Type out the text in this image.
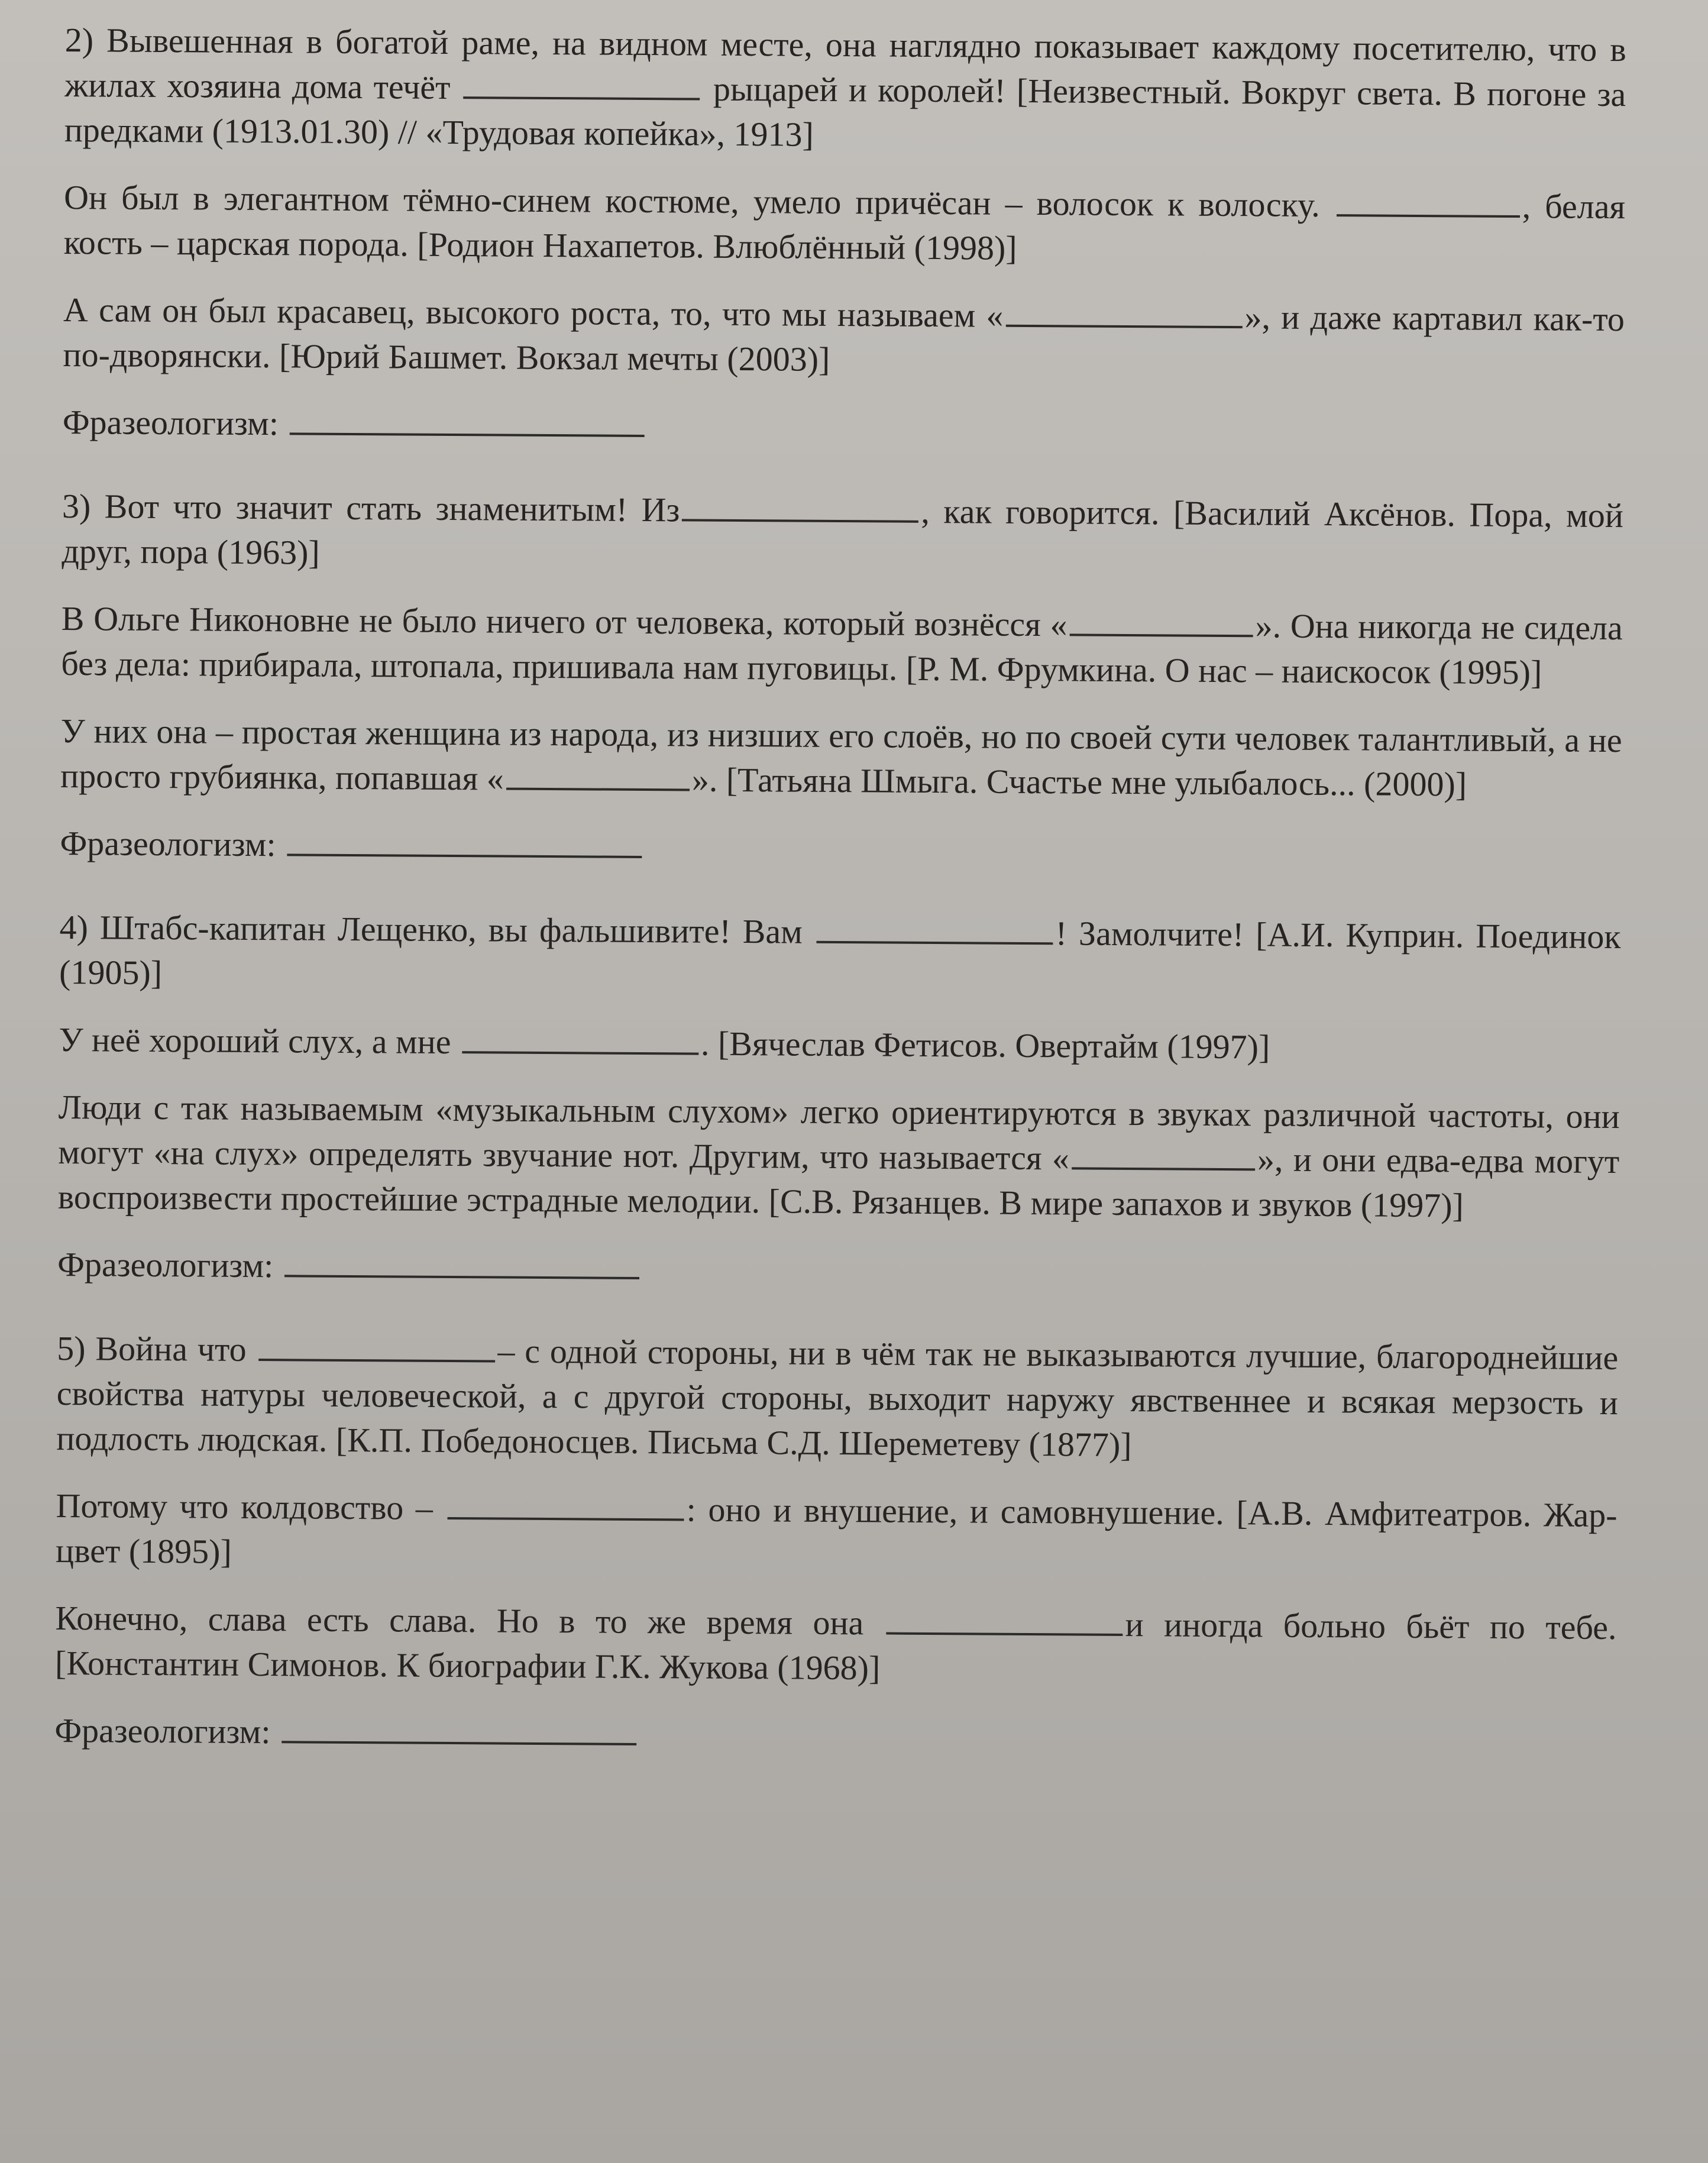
2) Вывешенная в богатой раме, на видном месте, она наглядно показывает каждому посетителю, что в жилах хозяина дома течёт	рыцарей и королей! [Неизвестный. Вокруг света. В погоне за предками (1913.01.30) // «Трудовая копейка», 1913]

Он был в элегантном тёмно-синем костюме, умело причёсан – волосок к волоску.	, белая кость – царская порода. [Родион Нахапетов. Влюблённый (1998)]

А сам он был красавец, высокого роста, то, что мы называем «	», и даже картавил как-то по-дворянски. [Юрий Башмет. Вокзал мечты (2003)]

Фразеологизм:

3) Вот что значит стать знаменитым! Из	, как говорится. [Василий Аксёнов. Пора, мой друг, пора (1963)]

В Ольге Никоновне не было ничего от человека, который вознёсся «	». Она никогда не сидела без дела: прибирала, штопала, пришивала нам пуговицы. [Р. М. Фрумкина. О нас – наискосок (1995)]

У них она – простая женщина из народа, из низших его слоёв, но по своей сути человек талантливый, а не просто грубиянка, попавшая «	». [Татьяна Шмыга. Счастье мне улыбалось... (2000)]

Фразеологизм:

4) Штабс-капитан Лещенко, вы фальшивите! Вам	! Замолчите! [А.И. Куприн. Поединок (1905)]

У неё хороший слух, а мне	. [Вячеслав Фетисов. Овертайм (1997)]

Люди с так называемым «музыкальным слухом» легко ориентируются в звуках различной частоты, они могут «на слух» определять звучание нот. Другим, что называется «	», и они едва-едва могут воспроизвести простейшие эстрадные мелодии. [С.В. Рязанцев. В мире запахов и звуков (1997)]

Фразеологизм:

5) Война что	– с одной стороны, ни в чём так не выказываются лучшие, благороднейшие свойства натуры человеческой, а с другой стороны, выходит наружу явственнее и всякая мерзость и подлость людская. [К.П. Победоносцев. Письма С.Д. Шереметеву (1877)]

Потому что колдовство –	: оно и внушение, и самовнушение. [А.В. Амфитеатров. Жар-цвет (1895)]

Конечно, слава есть слава. Но в то же время она	и иногда больно бьёт по тебе. [Константин Симонов. К биографии Г.К. Жукова (1968)]

Фразеологизм:
